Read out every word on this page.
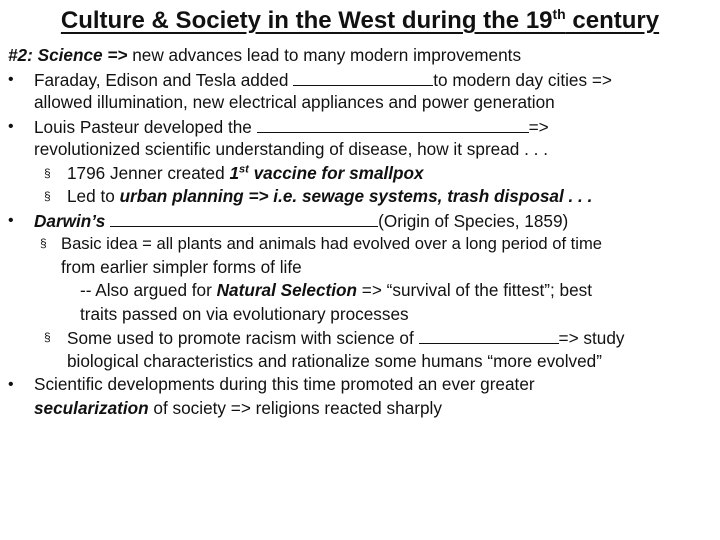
Culture & Society in the West during the 19th century
#2: Science => new advances lead to many modern improvements
• Faraday, Edison and Tesla added	to modern day cities =>
allowed illumination, new electrical appliances and power generation
• Louis Pasteur developed the	=>
revolutionized scientific understanding of disease, how it spread . . .
§ 1796 Jenner created 1st vaccine for smallpox
§ Led to urban planning => i.e. sewage systems, trash disposal . . .
• Darwin’s	(Origin of Species, 1859)
§ Basic idea = all plants and animals had evolved over a long period of time
from earlier simpler forms of life
-- Also argued for Natural Selection => “survival of the fittest”; best
traits passed on via evolutionary processes
§ Some used to promote racism with science of	=> study
biological characteristics and rationalize some humans “more evolved”
• Scientific developments during this time promoted an ever greater
secularization of society => religions reacted sharply
